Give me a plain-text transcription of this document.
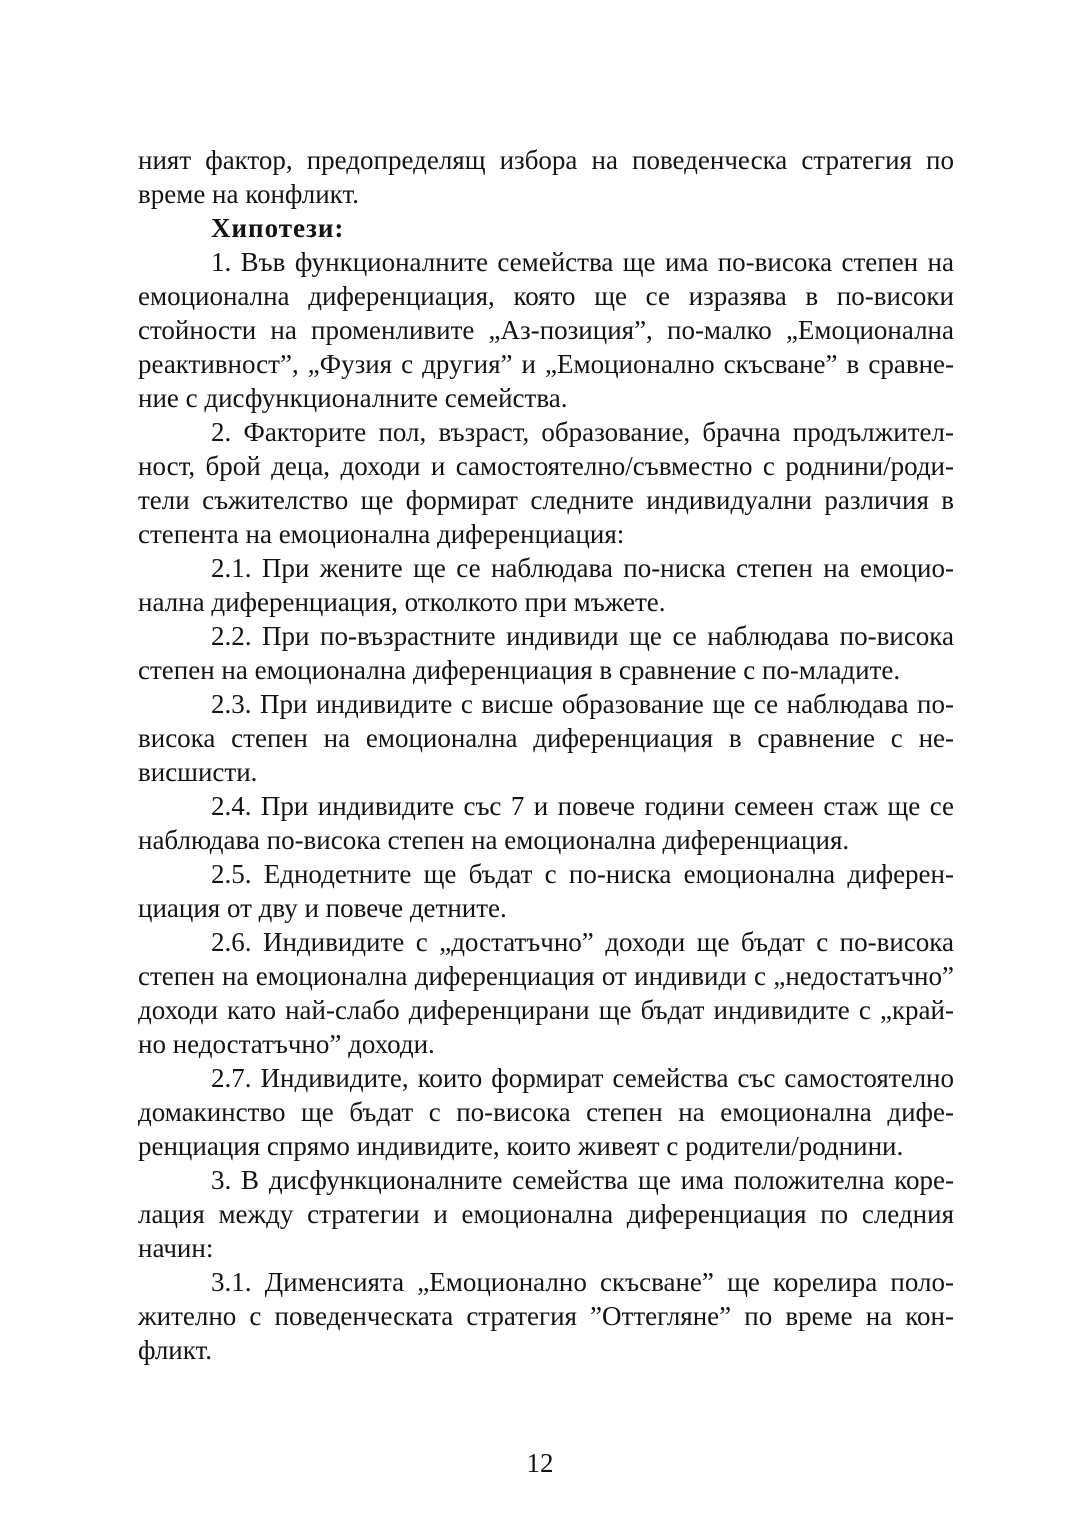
ният фактор, предопределящ избора на поведенческа стратегия по време на конфликт.

Хипотези:

1. Във функционалните семейства ще има по-висока степен на емоционална диференциация, която ще се изразява в по-високи стойности на променливите „Аз-позиция”, по-малко „Емоционална реактивност”, „Фузия с другия” и „Емоционално скъсване” в сравнение с дисфункционалните семейства.

2. Факторите пол, възраст, образование, брачна продължителност, брой деца, доходи и самостоятелно/съвместно с роднини/родители съжителство ще формират следните индивидуални различия в степента на емоционална диференциация:

2.1. При жените ще се наблюдава по-ниска степен на емоционална диференциация, отколкото при мъжете.

2.2. При по-възрастните индивиди ще се наблюдава по-висока степен на емоционална диференциация в сравнение с по-младите.

2.3. При индивидите с висше образование ще се наблюдава по-висока степен на емоционална диференциация в сравнение с невисшисти.

2.4. При индивидите със 7 и повече години семеен стаж ще се наблюдава по-висока степен на емоционална диференциация.

2.5. Еднодетните ще бъдат с по-ниска емоционална диференциация от дву и повече детните.

2.6. Индивидите с „достатъчно” доходи ще бъдат с по-висока степен на емоционална диференциация от индивиди с „недостатъчно” доходи като най-слабо диференцирани ще бъдат индивидите с „крайно недостатъчно” доходи.

2.7. Индивидите, които формират семейства със самостоятелно домакинство ще бъдат с по-висока степен на емоционална диференциация спрямо индивидите, които живеят с родители/роднини.

3. В дисфункционалните семейства ще има положителна корелация между стратегии и емоционална диференциация по следния начин:

3.1. Дименсията „Емоционално скъсване” ще корелира положително с поведенческата стратегия ”Оттегляне” по време на конфликт.

12
